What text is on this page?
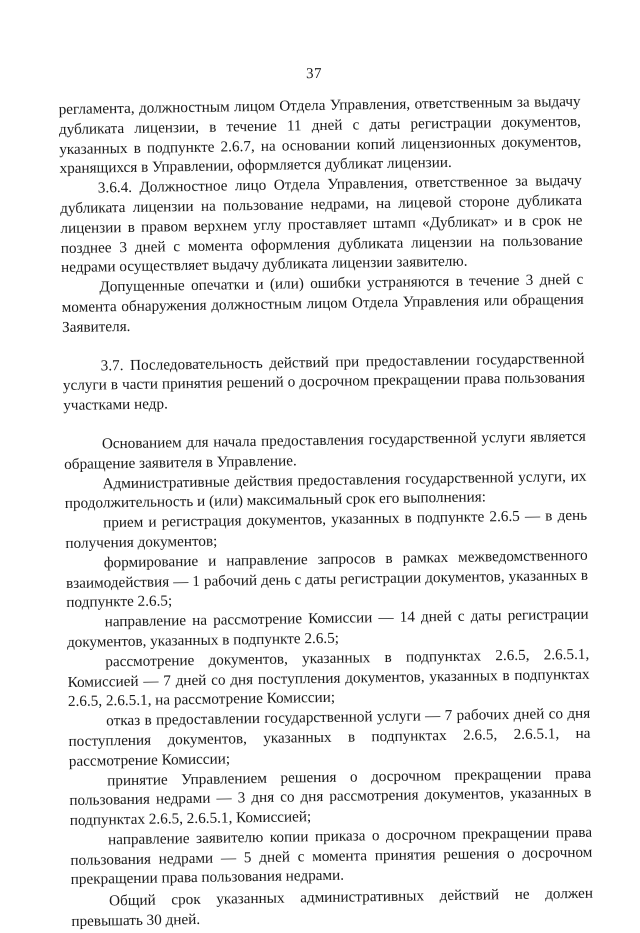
37

регламента, должностным лицом Отдела Управления, ответственным за выдачу дубликата лицензии, в течение 11 дней с даты регистрации документов, указанных в подпункте 2.6.7, на основании копий лицензионных документов, хранящихся в Управлении, оформляется дубликат лицензии.

3.6.4. Должностное лицо Отдела Управления, ответственное за выдачу дубликата лицензии на пользование недрами, на лицевой стороне дубликата лицензии в правом верхнем углу проставляет штамп «Дубликат» и в срок не позднее 3 дней с момента оформления дубликата лицензии на пользование недрами осуществляет выдачу дубликата лицензии заявителю.

Допущенные опечатки и (или) ошибки устраняются в течение 3 дней с момента обнаружения должностным лицом Отдела Управления или обращения Заявителя.

3.7. Последовательность действий при предоставлении государственной услуги в части принятия решений о досрочном прекращении права пользования участками недр.

Основанием для начала предоставления государственной услуги является обращение заявителя в Управление.

Административные действия предоставления государственной услуги, их продолжительность и (или) максимальный срок его выполнения:

прием и регистрация документов, указанных в подпункте 2.6.5 — в день получения документов;

формирование и направление запросов в рамках межведомственного взаимодействия — 1 рабочий день с даты регистрации документов, указанных в подпункте 2.6.5;

направление на рассмотрение Комиссии — 14 дней с даты регистрации документов, указанных в подпункте 2.6.5;

рассмотрение документов, указанных в подпунктах 2.6.5, 2.6.5.1, Комиссией — 7 дней со дня поступления документов, указанных в подпунктах 2.6.5, 2.6.5.1, на рассмотрение Комиссии;

отказ в предоставлении государственной услуги — 7 рабочих дней со дня поступления документов, указанных в подпунктах 2.6.5, 2.6.5.1, на рассмотрение Комиссии;

принятие Управлением решения о досрочном прекращении права пользования недрами — 3 дня со дня рассмотрения документов, указанных в подпунктах 2.6.5, 2.6.5.1, Комиссией;

направление заявителю копии приказа о досрочном прекращении права пользования недрами — 5 дней с момента принятия решения о досрочном прекращении права пользования недрами.

Общий срок указанных административных действий не должен превышать 30 дней.
